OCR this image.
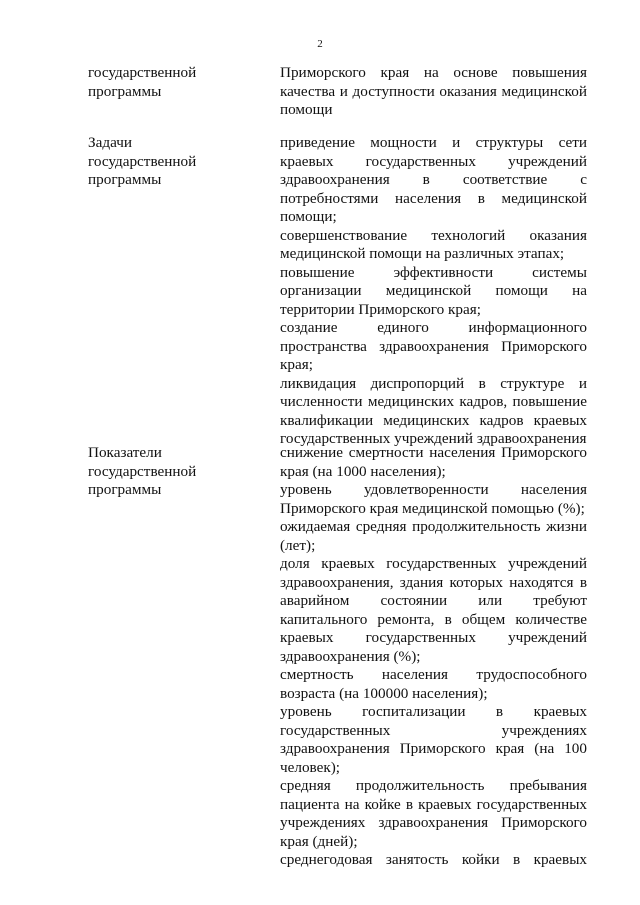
2
государственной
программы
Приморского края на основе повышения
качества и доступности оказания медицинской
помощи
Задачи
государственной
программы
приведение мощности и структуры сети
краевых государственных учреждений
здравоохранения в соответствие с
потребностями населения в медицинской
помощи;
совершенствование технологий оказания
медицинской помощи на различных этапах;
повышение эффективности системы
организации медицинской помощи на
территории Приморского края;
создание единого информационного
пространства здравоохранения Приморского
края;
ликвидация диспропорций в структуре и
численности медицинских кадров, повышение
квалификации медицинских кадров краевых
государственных учреждений здравоохранения
Показатели
государственной
программы
снижение смертности населения Приморского
края (на 1000 населения);
уровень удовлетворенности населения
Приморского края медицинской помощью (%);
ожидаемая средняя продолжительность жизни
(лет);
доля краевых государственных учреждений
здравоохранения, здания которых находятся в
аварийном состоянии или требуют
капитального ремонта, в общем количестве
краевых государственных учреждений
здравоохранения (%);
смертность населения трудоспособного
возраста (на 100000 населения);
уровень госпитализации в краевых
государственных учреждениях
здравоохранения Приморского края (на 100
человек);
средняя продолжительность пребывания
пациента на койке в краевых государственных
учреждениях здравоохранения Приморского
края (дней);
среднегодовая занятость койки в краевых
